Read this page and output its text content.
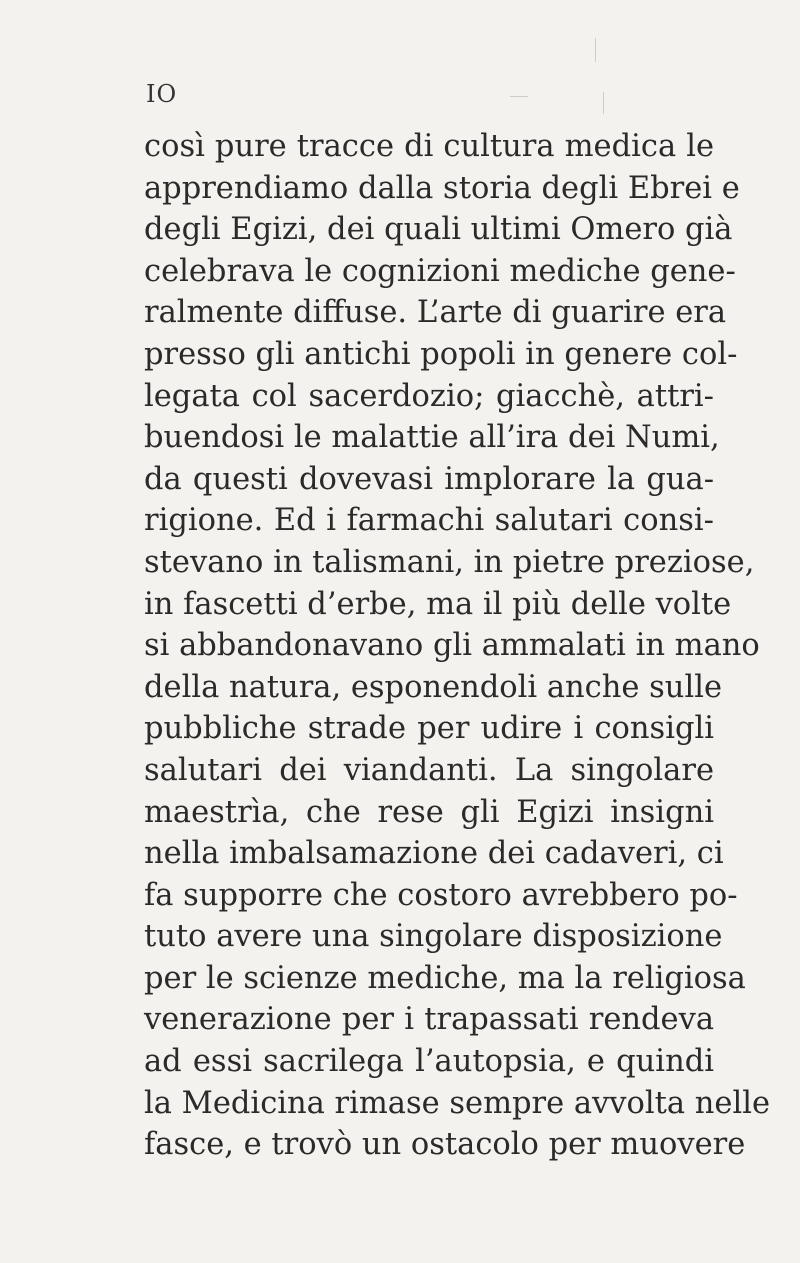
IO
così pure tracce di cultura medica le
apprendiamo dalla storia degli Ebrei e
degli Egizi, dei quali ultimi Omero già
celebrava le cognizioni mediche gene-
ralmente diffuse. L’arte di guarire era
presso gli antichi popoli in genere col-
legata col sacerdozio; giacchè, attri-
buendosi le malattie all’ira dei Numi,
da questi dovevasi implorare la gua-
rigione. Ed i farmachi salutari consi-
stevano in talismani, in pietre preziose,
in fascetti d’erbe, ma il più delle volte
si abbandonavano gli ammalati in mano
della natura, esponendoli anche sulle
pubbliche strade per udire i consigli
salutari dei viandanti. La singolare
maestrìa, che rese gli Egizi insigni
nella imbalsamazione dei cadaveri, ci
fa supporre che costoro avrebbero po-
tuto avere una singolare disposizione
per le scienze mediche, ma la religiosa
venerazione per i trapassati rendeva
ad essi sacrilega l’autopsia, e quindi
la Medicina rimase sempre avvolta nelle
fasce, e trovò un ostacolo per muovere
